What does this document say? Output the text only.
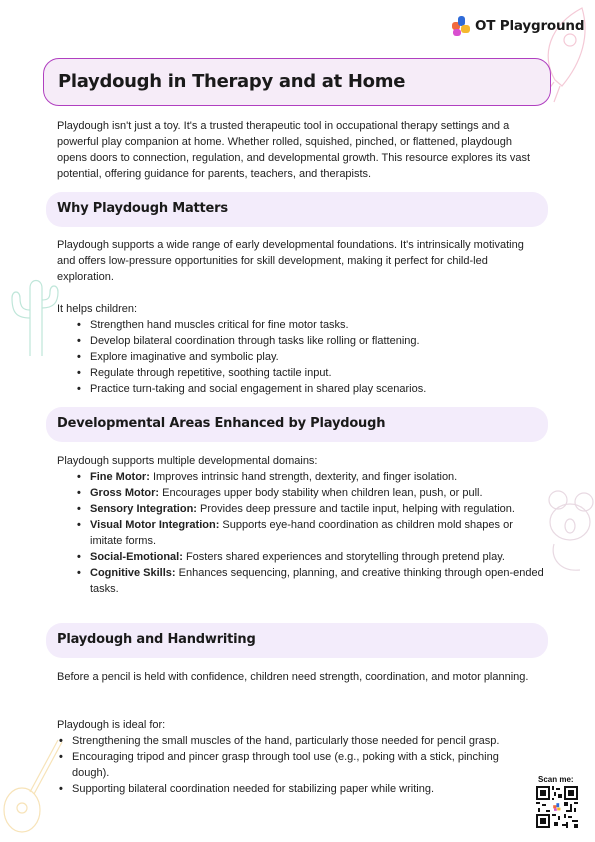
OT Playground
Playdough in Therapy and at Home

Playdough isn't just a toy. It's a trusted therapeutic tool in occupational therapy settings and a powerful play companion at home. Whether rolled, squished, pinched, or flattened, playdough opens doors to connection, regulation, and developmental growth. This resource explores its vast potential, offering guidance for parents, teachers, and therapists.

Why Playdough Matters

Playdough supports a wide range of early developmental foundations. It's intrinsically motivating and offers low-pressure opportunities for skill development, making it perfect for child-led exploration.

It helps children:

• Strengthen hand muscles critical for fine motor tasks.
• Develop bilateral coordination through tasks like rolling or flattening.
• Explore imaginative and symbolic play.
• Regulate through repetitive, soothing tactile input.
• Practice turn-taking and social engagement in shared play scenarios.
Developmental Areas Enhanced by Playdough

Playdough supports multiple developmental domains:

• Fine Motor: Improves intrinsic hand strength, dexterity, and finger isolation.
• Gross Motor: Encourages upper body stability when children lean, push, or pull.
• Sensory Integration: Provides deep pressure and tactile input, helping with regulation.
• Visual Motor Integration: Supports eye-hand coordination as children mold shapes or imitate forms.
• Social-Emotional: Fosters shared experiences and storytelling through pretend play.
• Cognitive Skills: Enhances sequencing, planning, and creative thinking through open-ended tasks.
Playdough and Handwriting

Before a pencil is held with confidence, children need strength, coordination, and motor planning.

Playdough is ideal for:

• Strengthening the small muscles of the hand, particularly those needed for pencil grasp.
• Encouraging tripod and pincer grasp through tool use (e.g., poking with a stick, pinching dough).
• Supporting bilateral coordination needed for stabilizing paper while writing.
Scan me:
